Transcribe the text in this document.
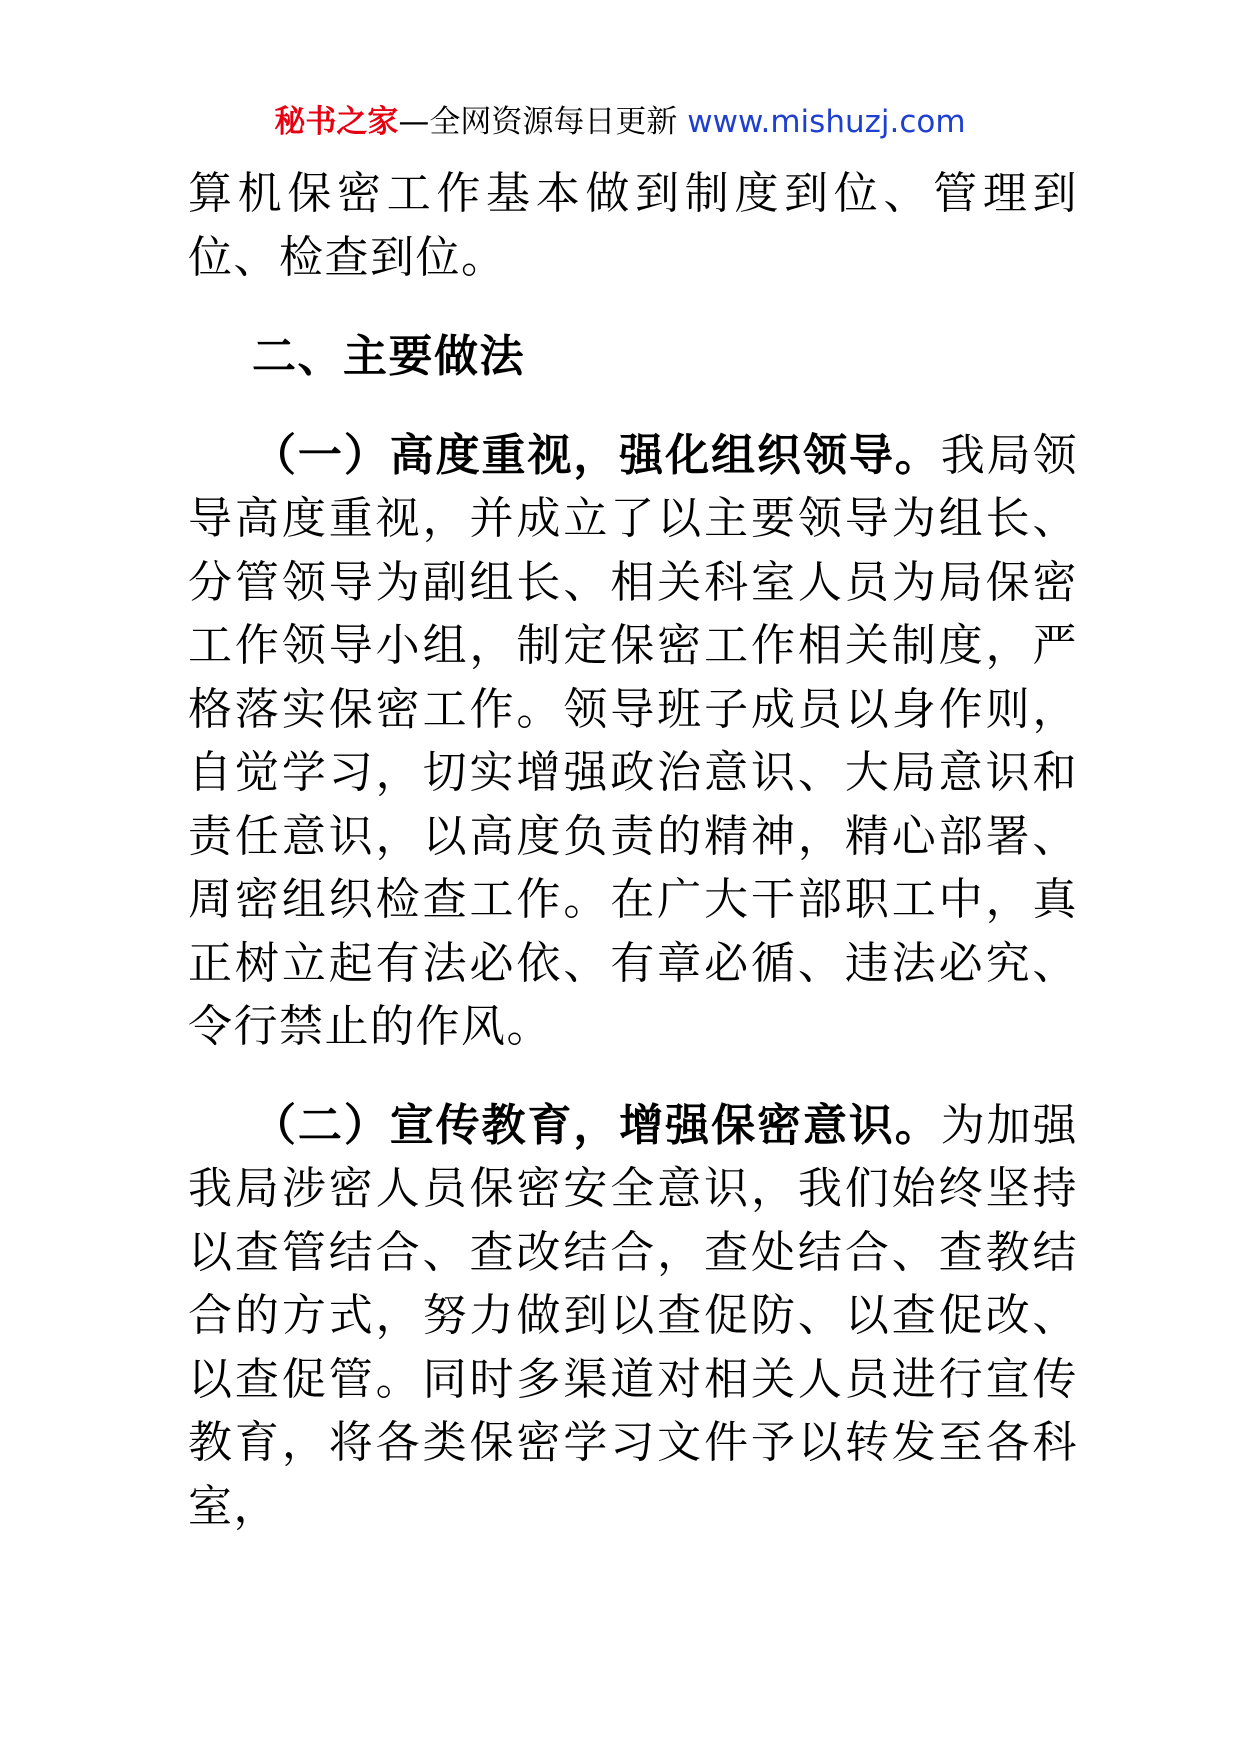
秘书之家—全网资源每日更新 www.mishuzj.com

算机保密工作基本做到制度到位、管理到位、检查到位。

二、主要做法

（一）高度重视，强化组织领导。我局领导高度重视，并成立了以主要领导为组长、分管领导为副组长、相关科室人员为局保密工作领导小组，制定保密工作相关制度，严格落实保密工作。领导班子成员以身作则，自觉学习，切实增强政治意识、大局意识和责任意识，以高度负责的精神，精心部署、周密组织检查工作。在广大干部职工中，真正树立起有法必依、有章必循、违法必究、令行禁止的作风。

（二）宣传教育，增强保密意识。为加强我局涉密人员保密安全意识，我们始终坚持以查管结合、查改结合，查处结合、查教结合的方式，努力做到以查促防、以查促改、以查促管。同时多渠道对相关人员进行宣传教育，将各类保密学习文件予以转发至各科室，
